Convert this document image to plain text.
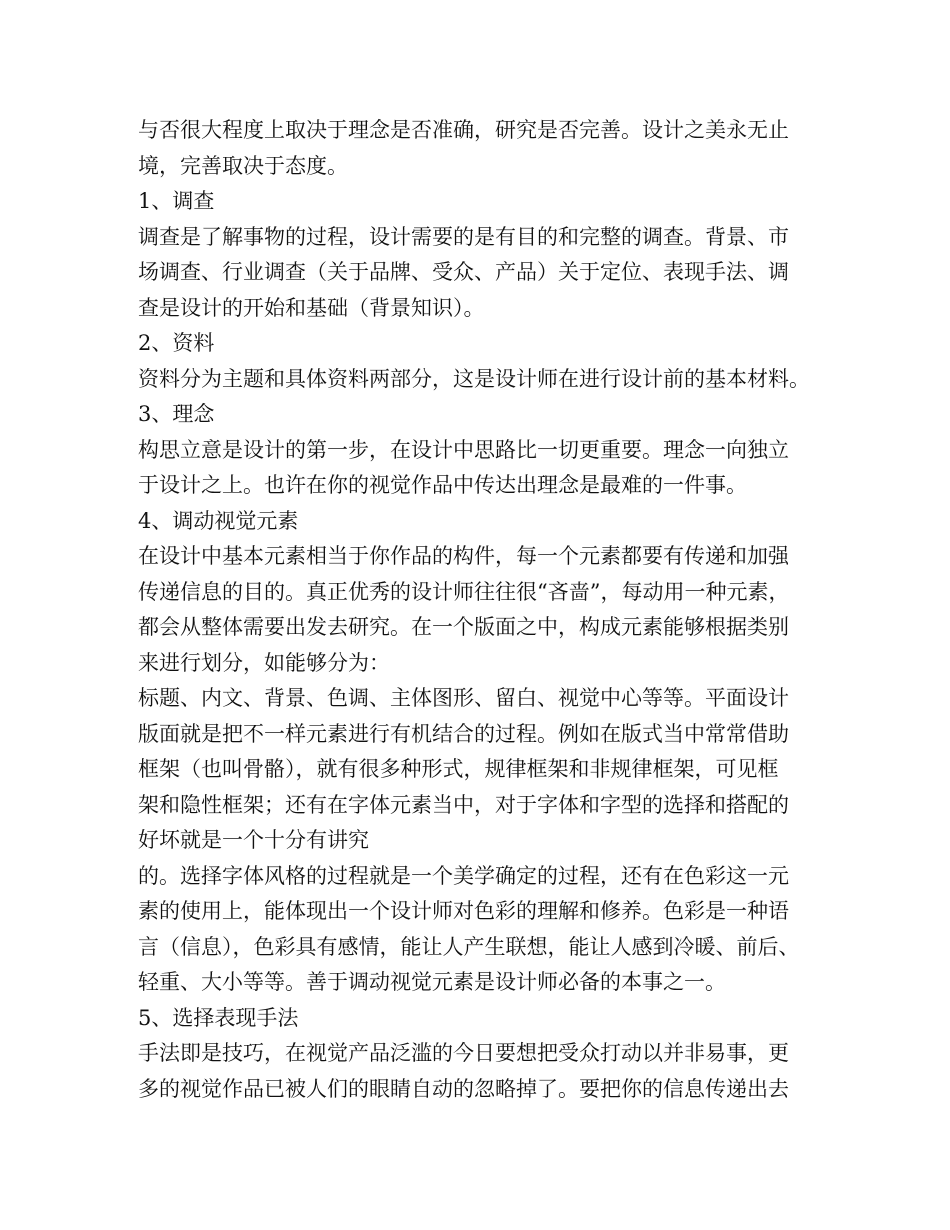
与否很大程度上取决于理念是否准确，研究是否完善。设计之美永无止
境，完善取决于态度。
1、调查
调查是了解事物的过程，设计需要的是有目的和完整的调查。背景、市
场调查、行业调查（关于品牌、受众、产品）关于定位、表现手法、调
查是设计的开始和基础（背景知识）。
2、资料
资料分为主题和具体资料两部分，这是设计师在进行设计前的基本材料。
3、理念
构思立意是设计的第一步，在设计中思路比一切更重要。理念一向独立
于设计之上。也许在你的视觉作品中传达出理念是最难的一件事。
4、调动视觉元素
在设计中基本元素相当于你作品的构件，每一个元素都要有传递和加强
传递信息的目的。真正优秀的设计师往往很“吝啬”，每动用一种元素，
都会从整体需要出发去研究。在一个版面之中，构成元素能够根据类别
来进行划分，如能够分为：
标题、内文、背景、色调、主体图形、留白、视觉中心等等。平面设计
版面就是把不一样元素进行有机结合的过程。例如在版式当中常常借助
框架（也叫骨骼），就有很多种形式，规律框架和非规律框架，可见框
架和隐性框架；还有在字体元素当中，对于字体和字型的选择和搭配的
好坏就是一个十分有讲究
的。选择字体风格的过程就是一个美学确定的过程，还有在色彩这一元
素的使用上，能体现出一个设计师对色彩的理解和修养。色彩是一种语
言（信息），色彩具有感情，能让人产生联想，能让人感到冷暖、前后、
轻重、大小等等。善于调动视觉元素是设计师必备的本事之一。
5、选择表现手法
手法即是技巧，在视觉产品泛滥的今日要想把受众打动以并非易事，更
多的视觉作品已被人们的眼睛自动的忽略掉了。要把你的信息传递出去
